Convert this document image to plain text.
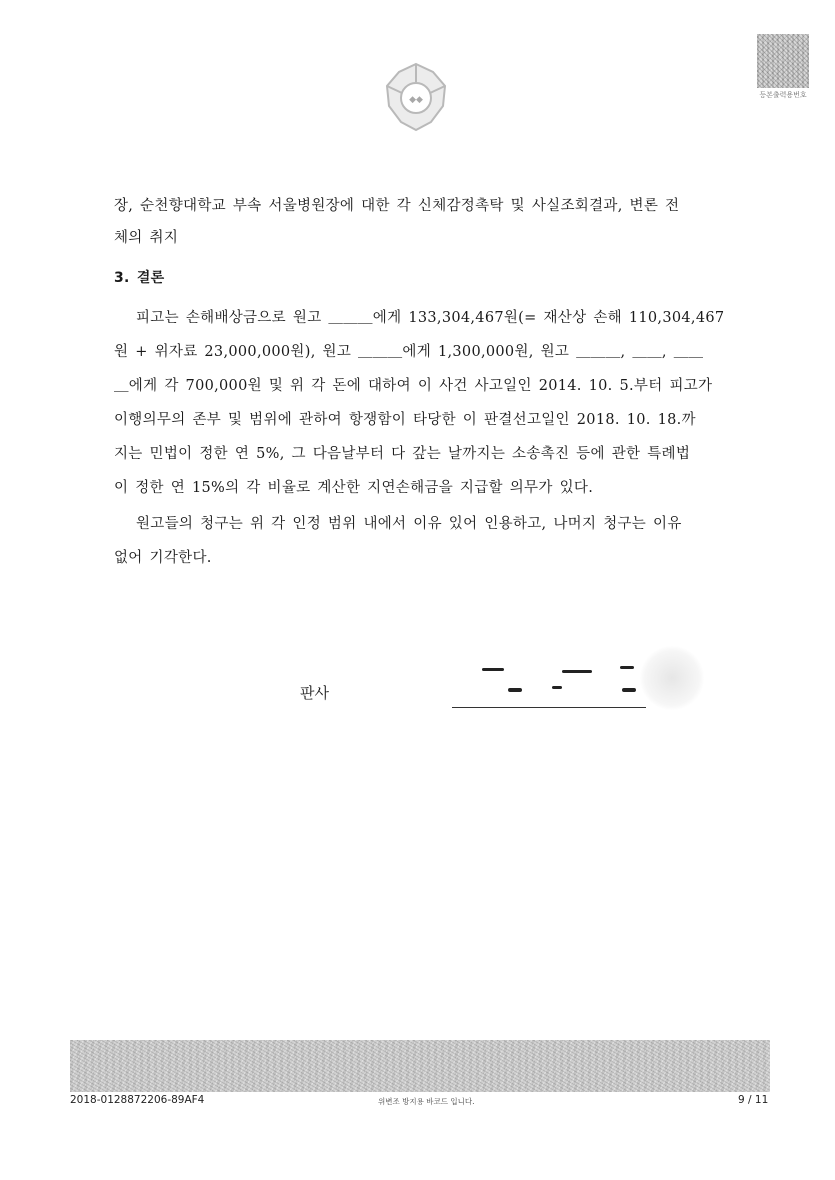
◆◆	등본출력용번호
장, 순천향대학교 부속 서울병원장에 대한 각 신체감정촉탁 및 사실조회결과, 변론 전
체의 취지
3. 결론
피고는 손해배상금으로 원고 ＿＿＿에게 133,304,467원(= 재산상 손해 110,304,467
원 + 위자료 23,000,000원), 원고 ＿＿＿에게 1,300,000원, 원고 ＿＿＿, ＿＿, ＿＿
＿에게 각 700,000원 및 위 각 돈에 대하여 이 사건 사고일인 2014. 10. 5.부터 피고가
이행의무의 존부 및 범위에 관하여 항쟁함이 타당한 이 판결선고일인 2018. 10. 18.까
지는 민법이 정한 연 5%, 그 다음날부터 다 갚는 날까지는 소송촉진 등에 관한 특례법
이 정한 연 15%의 각 비율로 계산한 지연손해금을 지급할 의무가 있다.
원고들의 청구는 위 각 인정 범위 내에서 이유 있어 인용하고, 나머지 청구는 이유
없어 기각한다.
판사
2018-0128872206-89AF4	위변조 방지용 바코드 입니다.	9 / 11
